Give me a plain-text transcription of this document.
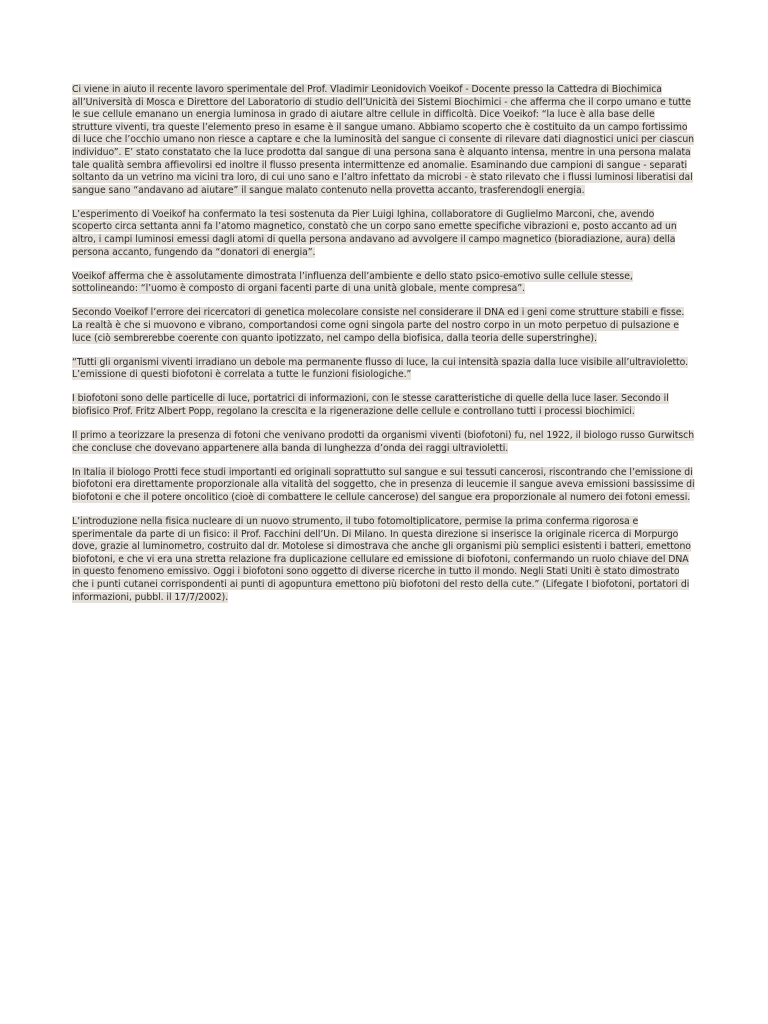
Ci viene in aiuto il recente lavoro sperimentale del Prof. Vladimir Leonidovich Voeikof - Docente presso la Cattedra di Biochimica all’Università di Mosca e Direttore del Laboratorio di studio dell’Unicità dei Sistemi Biochimici - che afferma che il corpo umano e tutte le sue cellule emanano un energia luminosa in grado di aiutare altre cellule in difficoltà. Dice Voeikof: “la luce è alla base delle strutture viventi, tra queste l’elemento preso in esame è il sangue umano. Abbiamo scoperto che è costituito da un campo fortissimo di luce che l’occhio umano non riesce a captare e che la luminosità del sangue ci consente di rilevare dati diagnostici unici per ciascun individuo”. E’ stato constatato che la luce prodotta dal sangue di una persona sana è alquanto intensa, mentre in una persona malata tale qualità sembra affievolirsi ed inoltre il flusso presenta intermittenze ed anomalie. Esaminando due campioni di sangue - separati soltanto da un vetrino ma vicini tra loro, di cui uno sano e l’altro infettato da microbi - è stato rilevato che i flussi luminosi liberatisi dal sangue sano “andavano ad aiutare” il sangue malato contenuto nella provetta accanto, trasferendogli energia.

L’esperimento di Voeikof ha confermato la tesi sostenuta da Pier Luigi Ighina, collaboratore di Guglielmo Marconi, che, avendo scoperto circa settanta anni fa l’atomo magnetico, constatò che un corpo sano emette specifiche vibrazioni e, posto accanto ad un altro, i campi luminosi emessi dagli atomi di quella persona andavano ad avvolgere il campo magnetico (bioradiazione, aura) della persona accanto, fungendo da “donatori di energia”.

Voeikof afferma che è assolutamente dimostrata l’influenza dell’ambiente e dello stato psico-emotivo sulle cellule stesse, sottolineando: “l’uomo è composto di organi facenti parte di una unità globale, mente compresa”.

Secondo Voeikof l’errore dei ricercatori di genetica molecolare consiste nel considerare il DNA ed i geni come strutture stabili e fisse. La realtà è che si muovono e vibrano, comportandosi come ogni singola parte del nostro corpo in un moto perpetuo di pulsazione e luce (ciò sembrerebbe coerente con quanto ipotizzato, nel campo della biofisica, dalla teoria delle superstringhe).

“Tutti gli organismi viventi irradiano un debole ma permanente flusso di luce, la cui intensità spazia dalla luce visibile all’ultravioletto. L’emissione di questi biofotoni è correlata a tutte le funzioni fisiologiche.”

I biofotoni sono delle particelle di luce, portatrici di informazioni, con le stesse caratteristiche di quelle della luce laser. Secondo il biofisico Prof. Fritz Albert Popp, regolano la crescita e la rigenerazione delle cellule e controllano tutti i processi biochimici.

Il primo a teorizzare la presenza di fotoni che venivano prodotti da organismi viventi (biofotoni) fu, nel 1922, il biologo russo Gurwitsch che concluse che dovevano appartenere alla banda di lunghezza d’onda dei raggi ultravioletti.

In Italia il biologo Protti fece studi importanti ed originali soprattutto sul sangue e sui tessuti cancerosi, riscontrando che l’emissione di biofotoni era direttamente proporzionale alla vitalità del soggetto, che in presenza di leucemie il sangue aveva emissioni bassissime di biofotoni e che il potere oncolitico (cioè di combattere le cellule cancerose) del sangue era proporzionale al numero dei fotoni emessi.

L’introduzione nella fisica nucleare di un nuovo strumento, il tubo fotomoltiplicatore, permise la prima conferma rigorosa e sperimentale da parte di un fisico: il Prof. Facchini dell’Un. Di Milano. In questa direzione si inserisce la originale ricerca di Morpurgo dove, grazie al luminometro, costruito dal dr. Motolese si dimostrava che anche gli organismi più semplici esistenti i batteri, emettono biofotoni, e che vi era una stretta relazione fra duplicazione cellulare ed emissione di biofotoni, confermando un ruolo chiave del DNA in questo fenomeno emissivo. Oggi i biofotoni sono oggetto di diverse ricerche in tutto il mondo. Negli Stati Uniti è stato dimostrato che i punti cutanei corrispondenti ai punti di agopuntura emettono più biofotoni del resto della cute.” (Lifegate I biofotoni, portatori di informazioni, pubbl. il 17/7/2002).
